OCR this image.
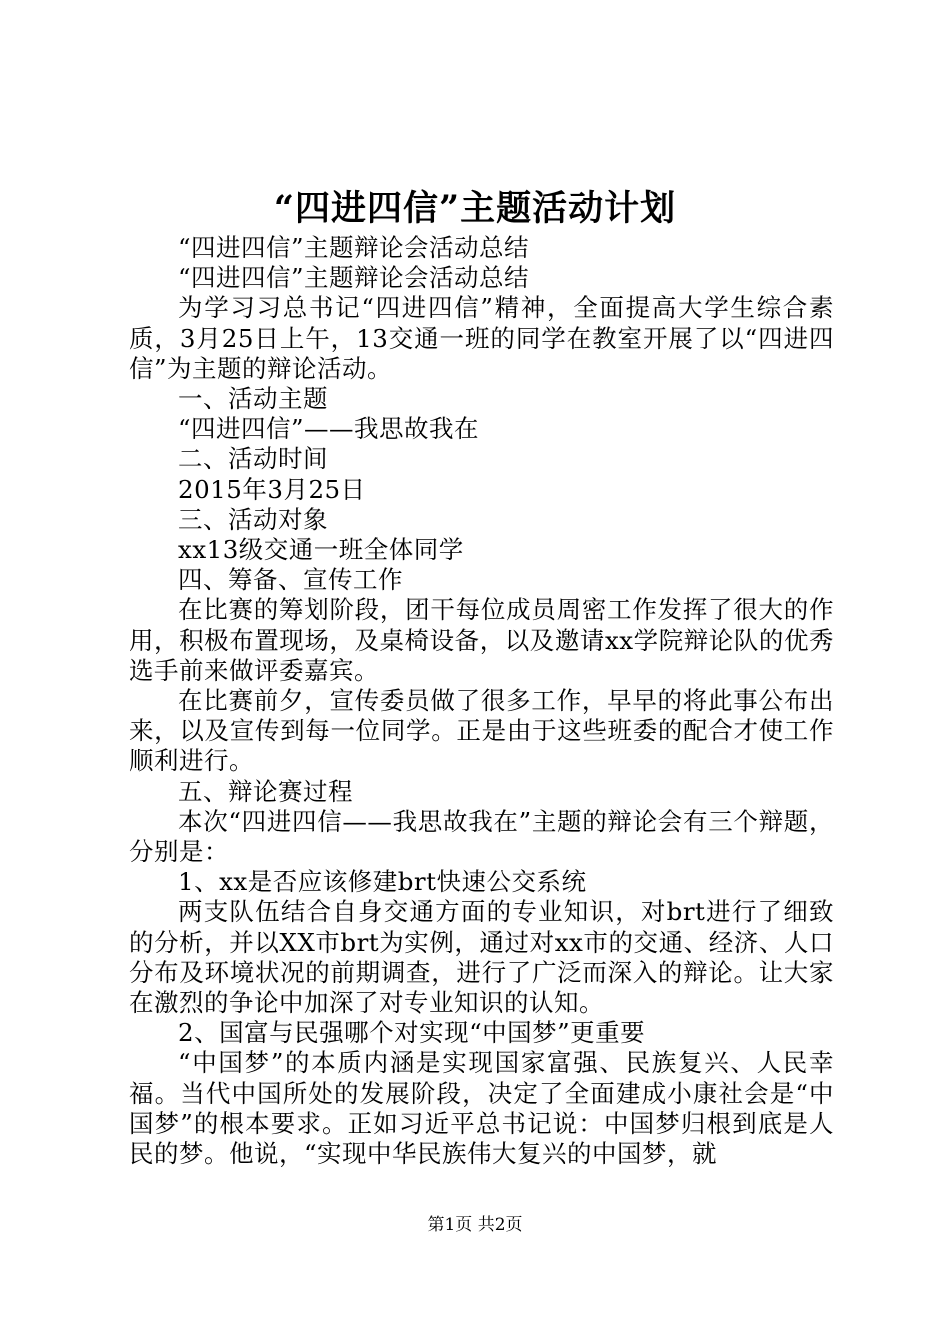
“四进四信”主题活动计划

“四进四信”主题辩论会活动总结

“四进四信”主题辩论会活动总结

为学习习总书记“四进四信”精神，全面提高大学生综合素质，3月25日上午，13交通一班的同学在教室开展了以“四进四信”为主题的辩论活动。

一、活动主题

“四进四信”——我思故我在

二、活动时间

2015年3月25日

三、活动对象

xx13级交通一班全体同学

四、筹备、宣传工作

在比赛的筹划阶段，团干每位成员周密工作发挥了很大的作用，积极布置现场，及桌椅设备，以及邀请xx学院辩论队的优秀选手前来做评委嘉宾。

在比赛前夕，宣传委员做了很多工作，早早的将此事公布出来，以及宣传到每一位同学。正是由于这些班委的配合才使工作顺利进行。

五、辩论赛过程

本次“四进四信——我思故我在”主题的辩论会有三个辩题，分别是：

1、xx是否应该修建brt快速公交系统

两支队伍结合自身交通方面的专业知识，对brt进行了细致的分析，并以XX市brt为实例，通过对xx市的交通、经济、人口分布及环境状况的前期调查，进行了广泛而深入的辩论。让大家在激烈的争论中加深了对专业知识的认知。

2、国富与民强哪个对实现“中国梦”更重要

“中国梦”的本质内涵是实现国家富强、民族复兴、人民幸福。当代中国所处的发展阶段，决定了全面建成小康社会是“中国梦”的根本要求。正如习近平总书记说：中国梦归根到底是人民的梦。他说，“实现中华民族伟大复兴的中国梦，就

第1页 共2页
